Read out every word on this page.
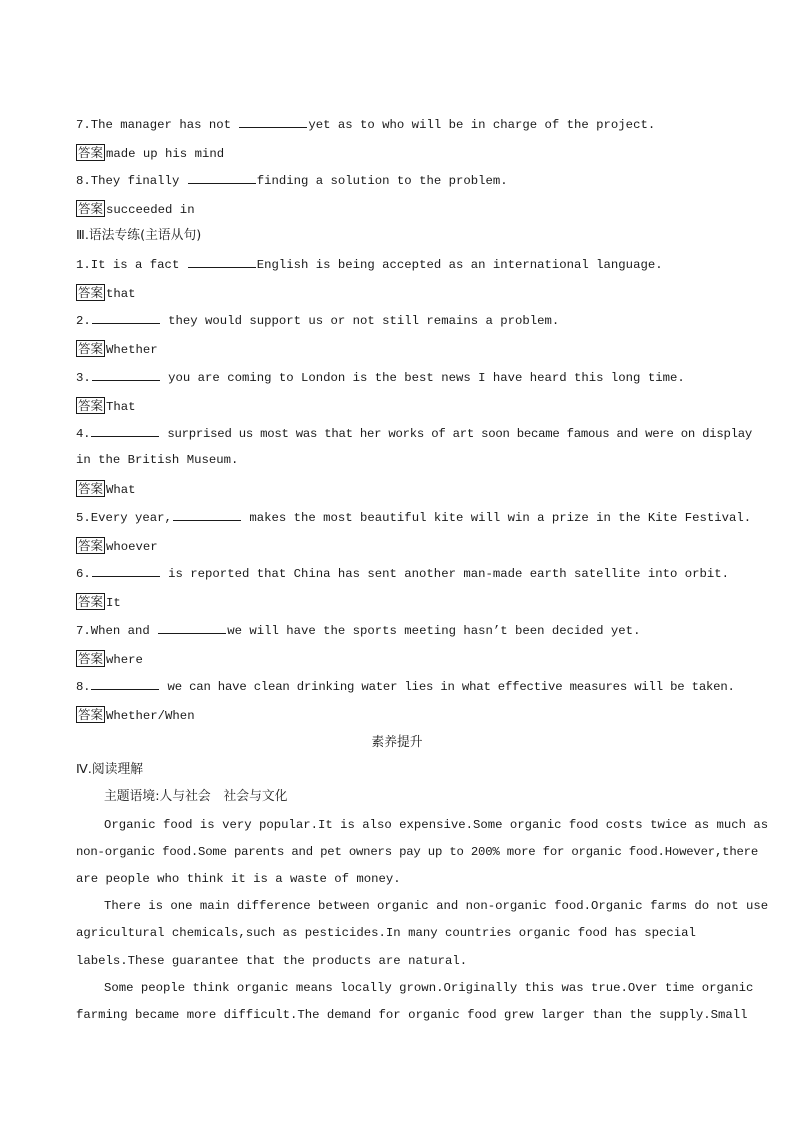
7.The manager has not	yet as to who will be in charge of the project.
答案 made up his mind
8.They finally	finding a solution to the problem.
答案 succeeded in
Ⅲ.语法专练(主语从句)
1.It is a fact	English is being accepted as an international language.
答案 that
2.	they would support us or not still remains a problem.
答案 Whether
3.	you are coming to London is the best news I have heard this long time.
答案 That
4.	surprised us most was that her works of art soon became famous and were on display
in the British Museum.
答案 What
5.Every year,	makes the most beautiful kite will win a prize in the Kite Festival.
答案 whoever
6.	is reported that China has sent another man-made earth satellite into orbit.
答案 It
7.When and	we will have the sports meeting hasn’t been decided yet.
答案 where
8.	we can have clean drinking water lies in what effective measures will be taken.
答案 Whether/When
素养提升
Ⅳ.阅读理解
主题语境:人与社会　社会与文化
Organic food is very popular.It is also expensive.Some organic food costs twice as much as
non-organic food.Some parents and pet owners pay up to 200% more for organic food.However,there
are people who think it is a waste of money.
There is one main difference between organic and non-organic food.Organic farms do not use
agricultural chemicals,such as pesticides.In many countries organic food has special
labels.These guarantee that the products are natural.
Some people think organic means locally grown.Originally this was true.Over time organic
farming became more difficult.The demand for organic food grew larger than the supply.Small
